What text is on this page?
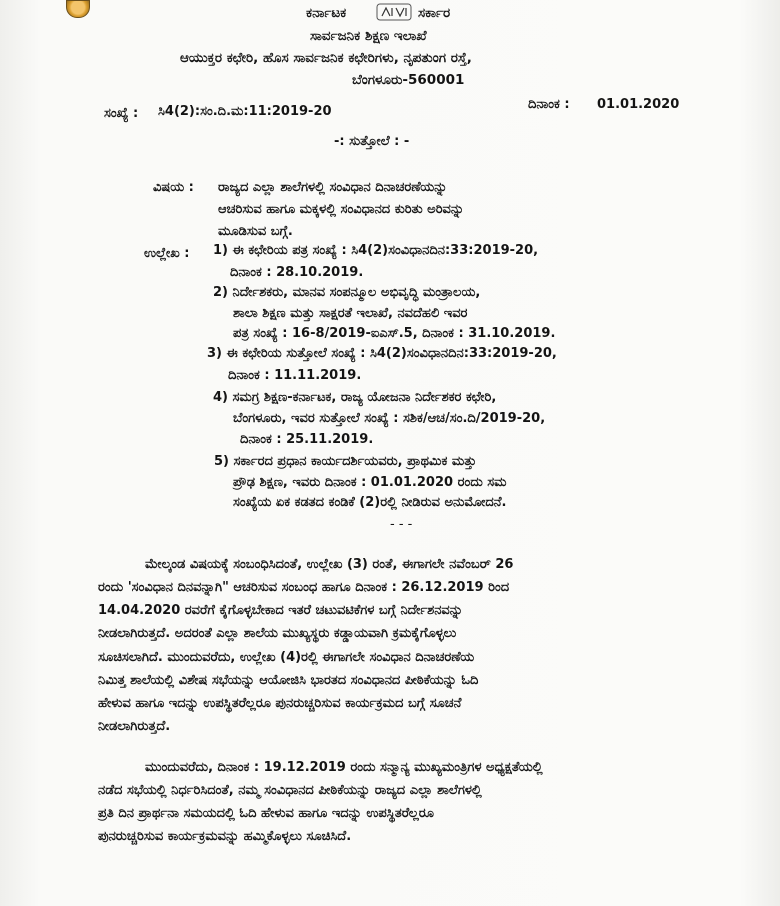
ಕರ್ನಾಟಕ	ಸರ್ಕಾರ
ಸಾರ್ವಜನಿಕ ಶಿಕ್ಷಣ ಇಲಾಖೆ
ಆಯುಕ್ತರ ಕಛೇರಿ, ಹೊಸ ಸಾರ್ವಜನಿಕ ಕಛೇರಿಗಳು, ನೃಪತುಂಗ ರಸ್ತೆ,
ಬೆಂಗಳೂರು-560001
ಸಂಖ್ಯೆ : ಸಿ4(2):ಸಂ.ದಿ.ಮ:11:2019-20	ದಿನಾಂಕ : 01.01.2020
-: ಸುತ್ತೋಲೆ : -
ವಿಷಯ : ರಾಜ್ಯದ ಎಲ್ಲಾ ಶಾಲೆಗಳಲ್ಲಿ ಸಂವಿಧಾನ ದಿನಾಚರಣೆಯನ್ನು
ಆಚರಿಸುವ ಹಾಗೂ ಮಕ್ಕಳಲ್ಲಿ ಸಂವಿಧಾನದ ಕುರಿತು ಅರಿವನ್ನು
ಮೂಡಿಸುವ ಬಗ್ಗೆ.
ಉಲ್ಲೇಖ : 1) ಈ ಕಛೇರಿಯ ಪತ್ರ ಸಂಖ್ಯೆ : ಸಿ4(2)ಸಂವಿಧಾನದಿನ:33:2019-20,
ದಿನಾಂಕ : 28.10.2019.
2) ನಿರ್ದೇಶಕರು, ಮಾನವ ಸಂಪನ್ಮೂಲ ಅಭಿವೃದ್ಧಿ ಮಂತ್ರಾಲಯ,
ಶಾಲಾ ಶಿಕ್ಷಣ ಮತ್ತು ಸಾಕ್ಷರತೆ ಇಲಾಖೆ, ನವದೆಹಲಿ ಇವರ
ಪತ್ರ ಸಂಖ್ಯೆ : 16-8/2019-ಐಎಸ್.5, ದಿನಾಂಕ : 31.10.2019.
3) ಈ ಕಛೇರಿಯ ಸುತ್ತೋಲೆ ಸಂಖ್ಯೆ : ಸಿ4(2)ಸಂವಿಧಾನದಿನ:33:2019-20,
ದಿನಾಂಕ : 11.11.2019.
4) ಸಮಗ್ರ ಶಿಕ್ಷಣ-ಕರ್ನಾಟಕ, ರಾಜ್ಯ ಯೋಜನಾ ನಿರ್ದೇಶಕರ ಕಛೇರಿ,
ಬೆಂಗಳೂರು, ಇವರ ಸುತ್ತೋಲೆ ಸಂಖ್ಯೆ : ಸಶಿಕ/ಆಚ/ಸಂ.ದಿ/2019-20,
ದಿನಾಂಕ : 25.11.2019.
5) ಸರ್ಕಾರದ ಪ್ರಧಾನ ಕಾರ್ಯದರ್ಶಿಯವರು, ಪ್ರಾಥಮಿಕ ಮತ್ತು
ಪ್ರೌಢ ಶಿಕ್ಷಣ, ಇವರು ದಿನಾಂಕ : 01.01.2020 ರಂದು ಸಮ
ಸಂಖ್ಯೆಯ ಏಕ ಕಡತದ ಕಂಡಿಕೆ (2)ರಲ್ಲಿ ನೀಡಿರುವ ಅನುಮೋದನೆ.
- - -
ಮೇಲ್ಕಂಡ ವಿಷಯಕ್ಕೆ ಸಂಬಂಧಿಸಿದಂತೆ, ಉಲ್ಲೇಖ (3) ರಂತೆ, ಈಗಾಗಲೇ ನವೆಂಬರ್ 26
ರಂದು 'ಸಂವಿಧಾನ ದಿನವನ್ನಾಗಿ" ಆಚರಿಸುವ ಸಂಬಂಧ ಹಾಗೂ ದಿನಾಂಕ : 26.12.2019 ರಿಂದ
14.04.2020 ರವರೆಗೆ ಕೈಗೊಳ್ಳಬೇಕಾದ ಇತರೆ ಚಟುವಟಿಕೆಗಳ ಬಗ್ಗೆ ನಿರ್ದೇಶನವನ್ನು
ನೀಡಲಾಗಿರುತ್ತದೆ. ಅದರಂತೆ ಎಲ್ಲಾ ಶಾಲೆಯ ಮುಖ್ಯಸ್ಥರು ಕಡ್ಡಾಯವಾಗಿ ಕ್ರಮಕೈಗೊಳ್ಳಲು
ಸೂಚಿಸಲಾಗಿದೆ. ಮುಂದುವರೆದು, ಉಲ್ಲೇಖ (4)ರಲ್ಲಿ ಈಗಾಗಲೇ ಸಂವಿಧಾನ ದಿನಾಚರಣೆಯ
ನಿಮಿತ್ತ ಶಾಲೆಯಲ್ಲಿ ವಿಶೇಷ ಸಭೆಯನ್ನು ಆಯೋಜಿಸಿ ಭಾರತದ ಸಂವಿಧಾನದ ಪೀಠಿಕೆಯನ್ನು ಓದಿ
ಹೇಳುವ ಹಾಗೂ ಇದನ್ನು ಉಪಸ್ಥಿತರೆಲ್ಲರೂ ಪುನರುಚ್ಚರಿಸುವ ಕಾರ್ಯಕ್ರಮದ ಬಗ್ಗೆ ಸೂಚನೆ
ನೀಡಲಾಗಿರುತ್ತದೆ.
ಮುಂದುವರೆದು, ದಿನಾಂಕ : 19.12.2019 ರಂದು ಸನ್ಮಾನ್ಯ ಮುಖ್ಯಮಂತ್ರಿಗಳ ಅಧ್ಯಕ್ಷತೆಯಲ್ಲಿ
ನಡೆದ ಸಭೆಯಲ್ಲಿ ನಿರ್ಧರಿಸಿದಂತೆ, ನಮ್ಮ ಸಂವಿಧಾನದ ಪೀಠಿಕೆಯನ್ನು ರಾಜ್ಯದ ಎಲ್ಲಾ ಶಾಲೆಗಳಲ್ಲಿ
ಪ್ರತಿ ದಿನ ಪ್ರಾರ್ಥನಾ ಸಮಯದಲ್ಲಿ ಓದಿ ಹೇಳುವ ಹಾಗೂ ಇದನ್ನು ಉಪಸ್ಥಿತರೆಲ್ಲರೂ
ಪುನರುಚ್ಚರಿಸುವ ಕಾರ್ಯಕ್ರಮವನ್ನು ಹಮ್ಮಿಕೊಳ್ಳಲು ಸೂಚಿಸಿದೆ.
